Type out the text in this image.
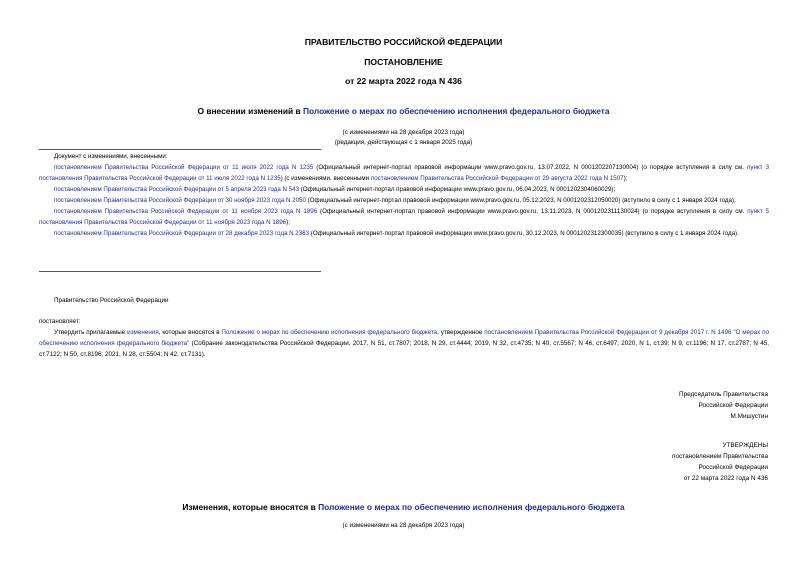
ПРАВИТЕЛЬСТВО РОССИЙСКОЙ ФЕДЕРАЦИИ
ПОСТАНОВЛЕНИЕ
от 22 марта 2022 года N 436
О внесении изменений в Положение о мерах по обеспечению исполнения федерального бюджета
(с изменениями на 28 декабря 2023 года)
(редакция, действующая с 1 января 2025 года)

Документ с изменениями, внесенными:

постановлением Правительства Российской Федерации от 11 июля 2022 года N 1235 (Официальный интернет-портал правовой информации www.pravo.gov.ru, 13.07.2022, N 0001202207130004) (о порядке вступления в силу см. пункт 3 постановления Правительства Российской Федерации от 11 июля 2022 года N 1235) (с изменениями, внесенными постановлением Правительства Российской Федерации от 29 августа 2022 года N 1507);

постановлением Правительства Российской Федерации от 5 апреля 2023 года N 543 (Официальный интернет-портал правовой информации www.pravo.gov.ru, 06.04.2023, N 0001202304060029);

постановлением Правительства Российской Федерации от 30 ноября 2023 года N 2050 (Официальный интернет-портал правовой информации www.pravo.gov.ru, 05.12.2023, N 0001202312050020) (вступило в силу с 1 января 2024 года);

постановлением Правительства Российской Федерации от 11 ноября 2023 года N 1896 (Официальный интернет-портал правовой информации www.pravo.gov.ru, 13.11.2023, N 0001202311130024) (о порядке вступления в силу см. пункт 5 постановления Правительства Российской Федерации от 11 ноября 2023 года N 1896);

постановлением Правительства Российской Федерации от 28 декабря 2023 года N 2363 (Официальный интернет-портал правовой информации www.pravo.gov.ru, 30.12.2023, N 0001202312300035) (вступило в силу с 1 января 2024 года).

Правительство Российской Федерации

постановляет:

Утвердить прилагаемые изменения, которые вносятся в Положение о мерах по обеспечению исполнения федерального бюджета, утвержденное постановлением Правительства Российской Федерации от 9 декабря 2017 г. N 1496 "О мерах по обеспечению исполнения федерального бюджета" (Собрание законодательства Российской Федерации, 2017, N 51, ст.7807; 2018, N 29, ст.4444; 2019, N 32, ст.4735; N 40, ст.5567; N 46, ст.6497; 2020, N 1, ст.39; N 9, ст.1196; N 17, ст.2787; N 45, ст.7122; N 50, ст.8196; 2021, N 28, ст.5504; N 42, ст.7131).

Председатель Правительства
Российской Федерации
М.Мишустин
УТВЕРЖДЕНЫ
постановлением Правительства
Российской Федерации
от 22 марта 2022 года N 436
Изменения, которые вносятся в Положение о мерах по обеспечению исполнения федерального бюджета
(с изменениями на 28 декабря 2023 года)
